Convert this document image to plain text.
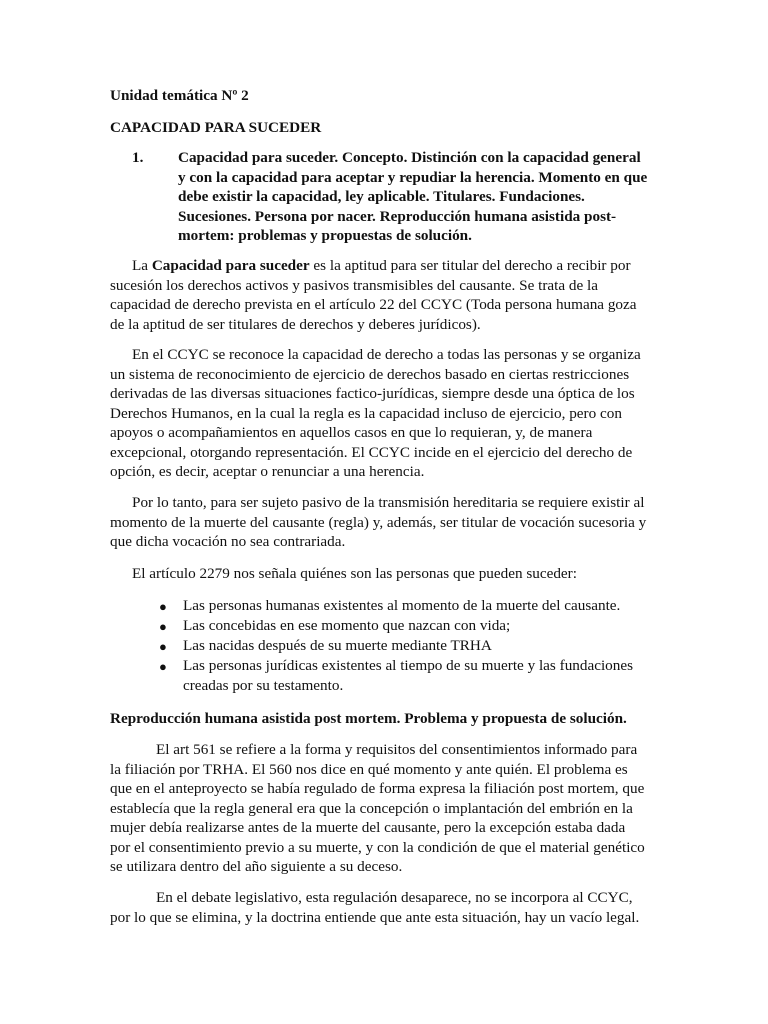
Unidad temática Nº 2
CAPACIDAD PARA SUCEDER
1. Capacidad para suceder. Concepto. Distinción con la capacidad general
y con la capacidad para aceptar y repudiar la herencia. Momento en que
debe existir la capacidad, ley aplicable. Titulares. Fundaciones.
Sucesiones. Persona por nacer. Reproducción humana asistida post-
mortem: problemas y propuestas de solución.
La Capacidad para suceder es la aptitud para ser titular del derecho a recibir por
sucesión los derechos activos y pasivos transmisibles del causante. Se trata de la
capacidad de derecho prevista en el artículo 22 del CCYC (Toda persona humana goza
de la aptitud de ser titulares de derechos y deberes jurídicos).
En el CCYC se reconoce la capacidad de derecho a todas las personas y se organiza
un sistema de reconocimiento de ejercicio de derechos basado en ciertas restricciones
derivadas de las diversas situaciones factico-jurídicas, siempre desde una óptica de los
Derechos Humanos, en la cual la regla es la capacidad incluso de ejercicio, pero con
apoyos o acompañamientos en aquellos casos en que lo requieran, y, de manera
excepcional, otorgando representación. El CCYC incide en el ejercicio del derecho de
opción, es decir, aceptar o renunciar a una herencia.
Por lo tanto, para ser sujeto pasivo de la transmisión hereditaria se requiere existir al
momento de la muerte del causante (regla) y, además, ser titular de vocación sucesoria y
que dicha vocación no sea contrariada.
El artículo 2279 nos señala quiénes son las personas que pueden suceder:
● Las personas humanas existentes al momento de la muerte del causante.
● Las concebidas en ese momento que nazcan con vida;
● Las nacidas después de su muerte mediante TRHA
● Las personas jurídicas existentes al tiempo de su muerte y las fundaciones
creadas por su testamento.
Reproducción humana asistida post mortem. Problema y propuesta de solución.
El art 561 se refiere a la forma y requisitos del consentimientos informado para
la filiación por TRHA. El 560 nos dice en qué momento y ante quién. El problema es
que en el anteproyecto se había regulado de forma expresa la filiación post mortem, que
establecía que la regla general era que la concepción o implantación del embrión en la
mujer debía realizarse antes de la muerte del causante, pero la excepción estaba dada
por el consentimiento previo a su muerte, y con la condición de que el material genético
se utilizara dentro del año siguiente a su deceso.
En el debate legislativo, esta regulación desaparece, no se incorpora al CCYC,
por lo que se elimina, y la doctrina entiende que ante esta situación, hay un vacío legal.
